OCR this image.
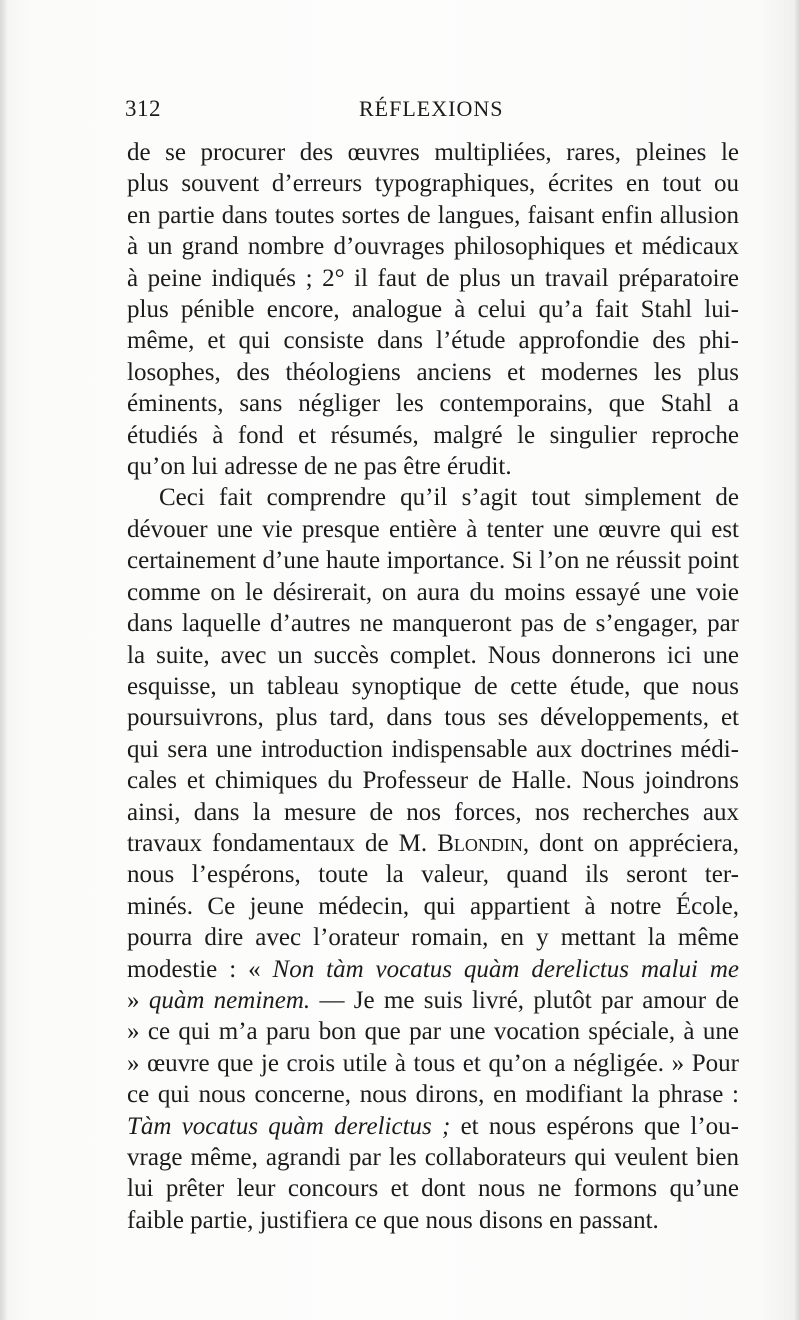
312	RÉFLEXIONS
de se procurer des œuvres multipliées, rares, pleines le
plus souvent d’erreurs typographiques, écrites en tout ou
en partie dans toutes sortes de langues, faisant enfin allusion
à un grand nombre d’ouvrages philosophiques et médicaux
à peine indiqués ; 2° il faut de plus un travail préparatoire
plus pénible encore, analogue à celui qu’a fait Stahl lui-
même, et qui consiste dans l’étude approfondie des phi-
losophes, des théologiens anciens et modernes les plus
éminents, sans négliger les contemporains, que Stahl a
étudiés à fond et résumés, malgré le singulier reproche
qu’on lui adresse de ne pas être érudit.
Ceci fait comprendre qu’il s’agit tout simplement de
dévouer une vie presque entière à tenter une œuvre qui est
certainement d’une haute importance. Si l’on ne réussit point
comme on le désirerait, on aura du moins essayé une voie
dans laquelle d’autres ne manqueront pas de s’engager, par
la suite, avec un succès complet. Nous donnerons ici une
esquisse, un tableau synoptique de cette étude, que nous
poursuivrons, plus tard, dans tous ses développements, et
qui sera une introduction indispensable aux doctrines médi-
cales et chimiques du Professeur de Halle. Nous joindrons
ainsi, dans la mesure de nos forces, nos recherches aux
travaux fondamentaux de M. Blondin, dont on appréciera,
nous l’espérons, toute la valeur, quand ils seront ter-
minés. Ce jeune médecin, qui appartient à notre École,
pourra dire avec l’orateur romain, en y mettant la même
modestie : « Non tàm vocatus quàm derelictus malui me
» quàm neminem. — Je me suis livré, plutôt par amour de
» ce qui m’a paru bon que par une vocation spéciale, à une
» œuvre que je crois utile à tous et qu’on a négligée. » Pour
ce qui nous concerne, nous dirons, en modifiant la phrase :
Tàm vocatus quàm derelictus ; et nous espérons que l’ou-
vrage même, agrandi par les collaborateurs qui veulent bien
lui prêter leur concours et dont nous ne formons qu’une
faible partie, justifiera ce que nous disons en passant.
